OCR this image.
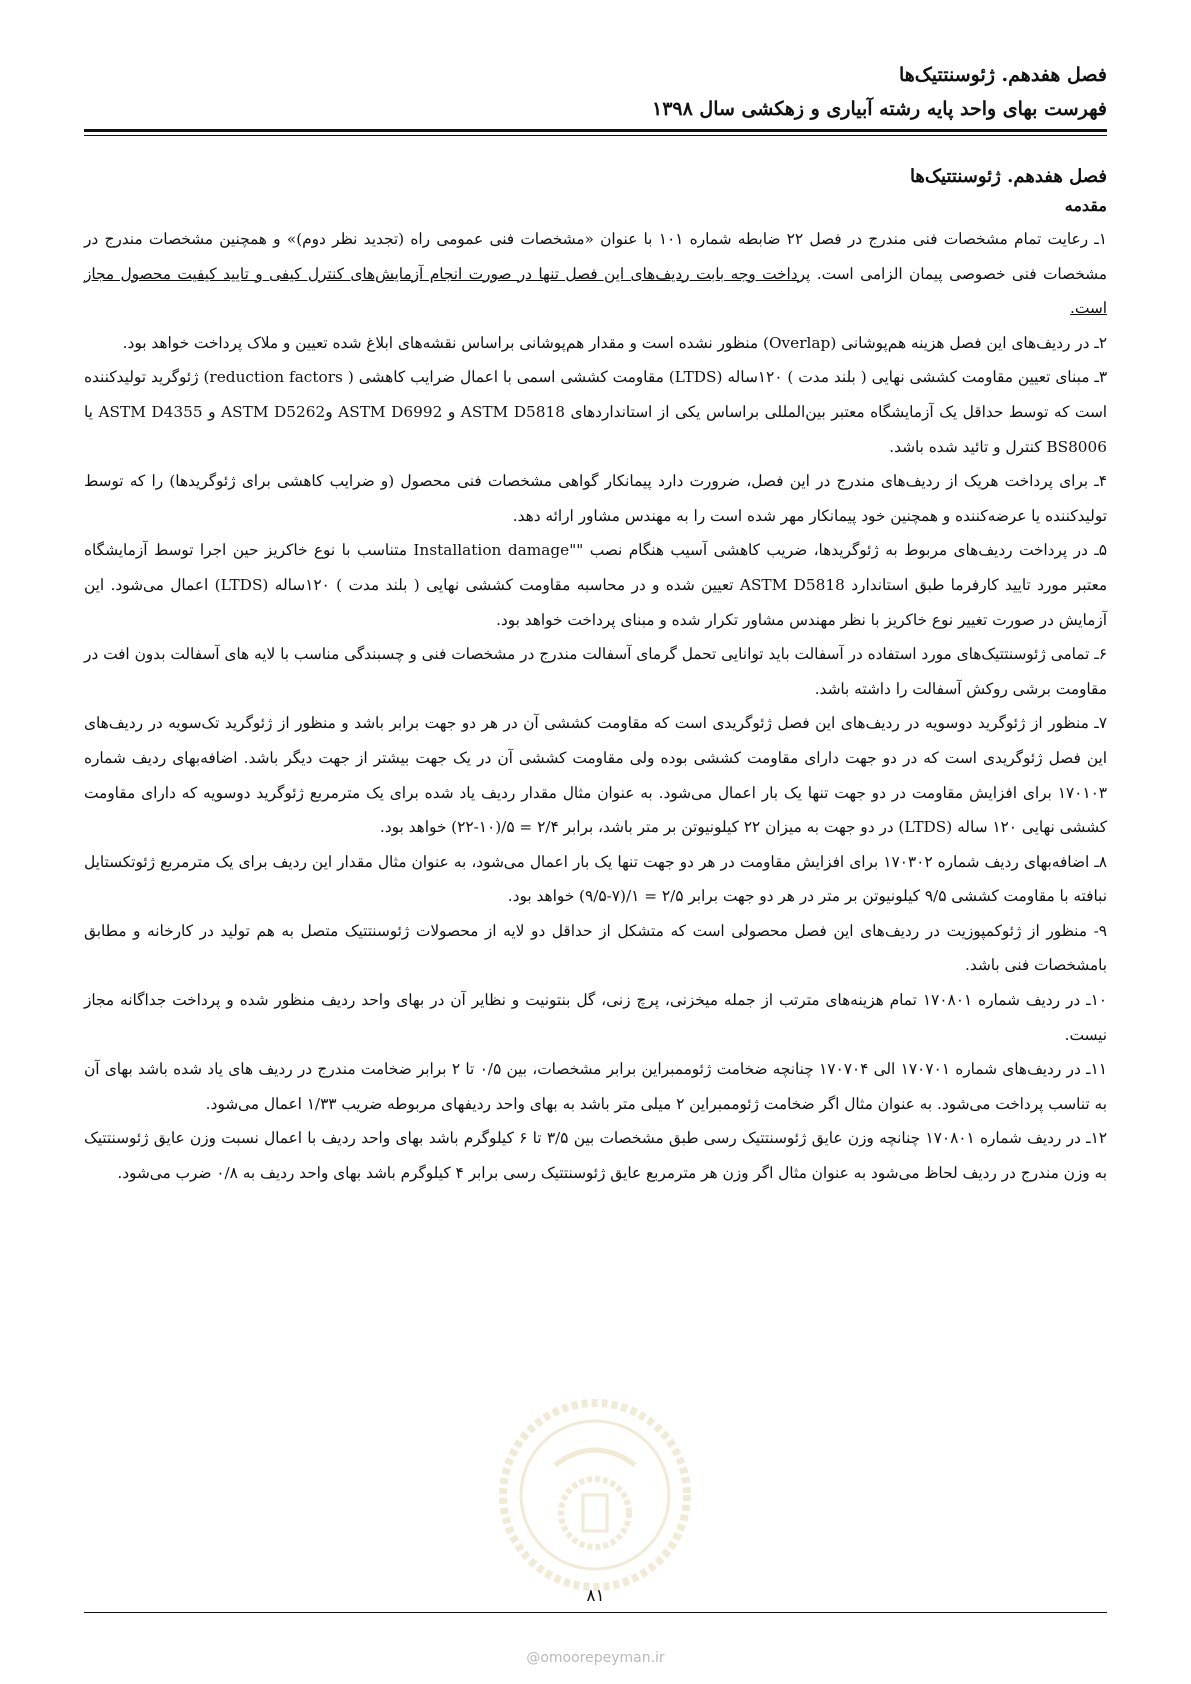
فصل هفدهم. ژئوسنتتیک‌ها
فهرست بهای واحد پایه رشته آبیاری و زهکشی سال ۱۳۹۸

فصل هفدهم. ژئوسنتتیک‌ها

مقدمه

۱ـ رعایت تمام مشخصات فنی مندرج در فصل ۲۲ ضابطه شماره ۱۰۱ با عنوان «مشخصات فنی عمومی راه (تجدید نظر دوم)» و همچنین مشخصات مندرج در مشخصات فنی خصوصی پیمان الزامی است. پرداخت وجه بابت ردیف‌های این فصل تنها در صورت انجام آزمایش‌های کنترل کیفی و تایید کیفیت محصول مجاز است.

۲ـ در ردیف‌های این فصل هزینه هم‌پوشانی (Overlap) منظور نشده است و مقدار هم‌پوشانی براساس نقشه‌های ابلاغ شده تعیین و ملاک پرداخت خواهد بود.

۳ـ مبنای تعیین مقاومت کششی نهایی ( بلند مدت ) ۱۲۰ساله (LTDS) مقاومت کششی اسمی با اعمال ضرایب کاهشی ( reduction factors) ژئوگرید تولیدکننده است که توسط حداقل یک آزمایشگاه معتبر بین‌المللی براساس یکی از استانداردهای ASTM D5818 و ASTM D6992 وASTM D5262 و ASTM D4355 یا BS8006 کنترل و تائید شده باشد.

۴ـ برای پرداخت هریک از ردیف‌های مندرج در این فصل، ضرورت دارد پیمانکار گواهی مشخصات فنی محصول (و ضرایب کاهشی برای ژئوگریدها) را که توسط تولیدکننده یا عرضه‌کننده و همچنین خود پیمانکار مهر شده است را به مهندس مشاور ارائه دهد.

۵ـ در پرداخت ردیف‌های مربوط به ژئوگریدها، ضریب کاهشی آسیب هنگام نصب ""Installation damage متناسب با نوع خاکریز حین اجرا توسط آزمایشگاه معتبر مورد تایید کارفرما طبق استاندارد ASTM D5818 تعیین شده و در محاسبه مقاومت کششی نهایی ( بلند مدت ) ۱۲۰ساله (LTDS) اعمال می‌شود. این آزمایش در صورت تغییر نوع خاکریز با نظر مهندس مشاور تکرار شده و مبنای پرداخت خواهد بود.

۶ـ تمامی ژئوسنتتیک‌های مورد استفاده در آسفالت باید توانایی تحمل گرمای آسفالت مندرج در مشخصات فنی و چسبندگی مناسب با لایه های آسفالت بدون افت در مقاومت برشی روکش آسفالت را داشته باشد.

۷ـ منظور از ژئوگرید دوسویه در ردیف‌های این فصل ژئوگریدی است که مقاومت کششی آن در هر دو جهت برابر باشد و منظور از ژئوگرید تک‌سویه در ردیف‌های این فصل ژئوگریدی است که در دو جهت دارای مقاومت کششی بوده ولی مقاومت کششی آن در یک جهت بیشتر از جهت دیگر باشد. اضافه‌بهای ردیف شماره ۱۷۰۱۰۳ برای افزایش مقاومت در دو جهت تنها یک بار اعمال می‌شود. به عنوان مثال مقدار ردیف یاد شده برای یک مترمربع ژئوگرید دوسویه که دارای مقاومت کششی نهایی ۱۲۰ ساله (LTDS) در دو جهت به میزان ۲۲ کیلونیوتن بر متر باشد، برابر ۲/۴ = ۵/(۱۰-۲۲) خواهد بود.

۸ـ اضافه‌بهای ردیف شماره ۱۷۰۳۰۲ برای افزایش مقاومت در هر دو جهت تنها یک بار اعمال می‌شود، به عنوان مثال مقدار این ردیف برای یک مترمربع ژئوتکستایل نبافته با مقاومت کششی ۹/۵ کیلونیوتن بر متر در هر دو جهت برابر ۲/۵ = ۱/(۷-۹/۵) خواهد بود.

۹- منظور از ژئوکمپوزیت در ردیف‌های این فصل محصولی است که متشکل از حداقل دو لایه از محصولات ژئوسنتتیک متصل به هم تولید در کارخانه و مطابق بامشخصات فنی باشد.

۱۰ـ در ردیف شماره ۱۷۰۸۰۱ تمام هزینه‌های مترتب از جمله میخزنی، پرچ زنی، گل بنتونیت و نظایر آن در بهای واحد ردیف منظور شده و پرداخت جداگانه مجاز نیست.

۱۱ـ در ردیف‌های شماره ۱۷۰۷۰۱ الی ۱۷۰۷۰۴ چنانچه ضخامت ژئوممبراین برابر مشخصات، بین ۰/۵ تا ۲ برابر ضخامت مندرج در ردیف های یاد شده باشد بهای آن به تناسب پرداخت می‌شود. به عنوان مثال اگر ضخامت ژئوممبراین ۲ میلی متر باشد به بهای واحد ردیفهای مربوطه ضریب ۱/۳۳ اعمال می‌شود.

۱۲ـ در ردیف شماره ۱۷۰۸۰۱ چنانچه وزن عایق ژئوسنتتیک رسی طبق مشخصات بین ۳/۵ تا ۶ کیلوگرم باشد بهای واحد ردیف با اعمال نسبت وزن عایق ژئوسنتتیک به وزن مندرج در ردیف لحاظ می‌شود به عنوان مثال اگر وزن هر مترمربع عایق ژئوسنتتیک رسی برابر ۴ کیلوگرم باشد بهای واحد ردیف به ۰/۸ ضرب می‌شود.

۸۱
@omoorepeyman.ir
